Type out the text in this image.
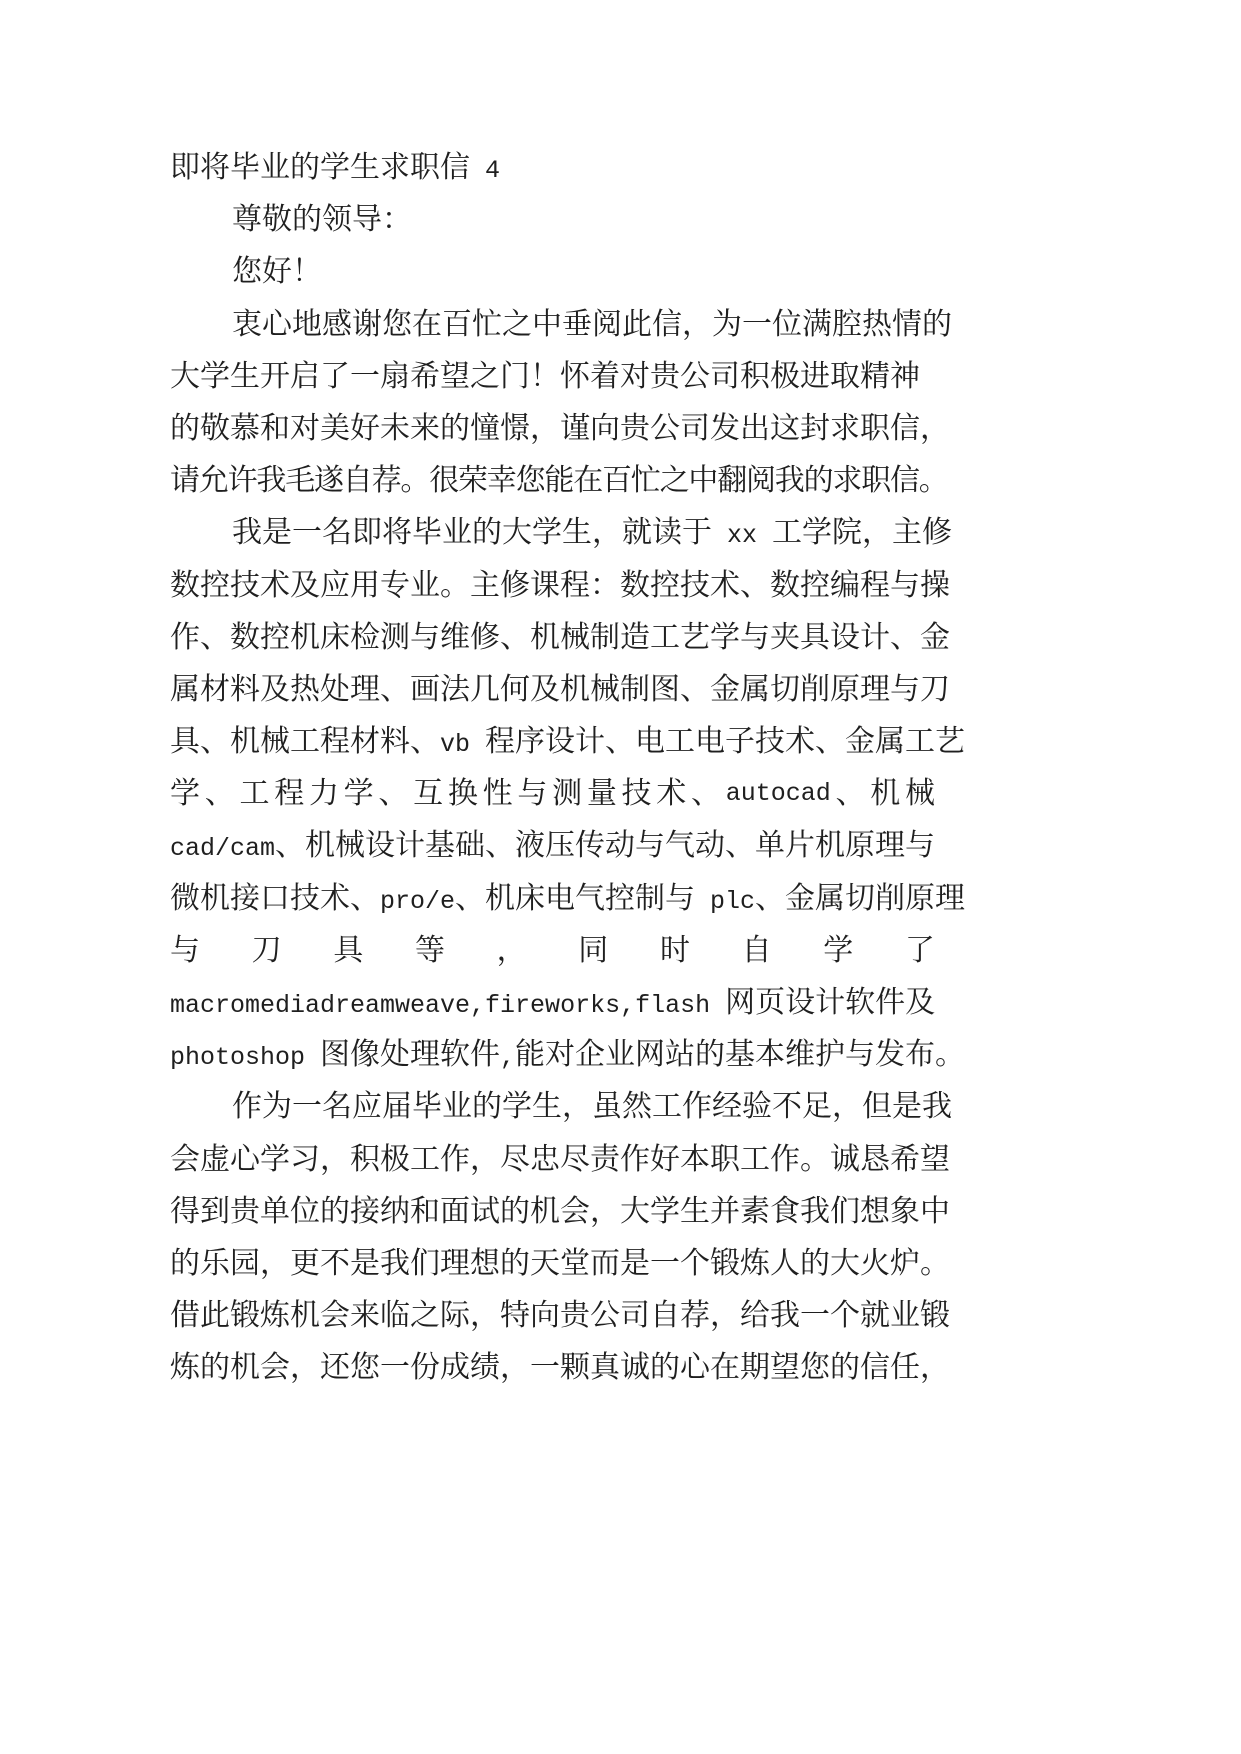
即将毕业的学生求职信 4
尊敬的领导：
您好！
衷心地感谢您在百忙之中垂阅此信，为一位满腔热情的
大学生开启了一扇希望之门！怀着对贵公司积极进取精神
的敬慕和对美好未来的憧憬，谨向贵公司发出这封求职信，
请允许我毛遂自荐。很荣幸您能在百忙之中翻阅我的求职信。
我是一名即将毕业的大学生，就读于 xx 工学院，主修
数控技术及应用专业。主修课程：数控技术、数控编程与操
作、数控机床检测与维修、机械制造工艺学与夹具设计、金
属材料及热处理、画法几何及机械制图、金属切削原理与刀
具、机械工程材料、vb 程序设计、电工电子技术、金属工艺
学 、 工 程 力 学 、 互 换 性 与 测 量 技 术 、 autocad 、 机 械
cad/cam、机械设计基础、液压传动与气动、单片机原理与
微机接口技术、pro/e、机床电气控制与 plc、金属切削原理
与 刀 具 等 ， 同 时 自 学 了
macromediadreamweave,fireworks,flash 网页设计软件及
photoshop 图像处理软件,能对企业网站的基本维护与发布。
作为一名应届毕业的学生，虽然工作经验不足，但是我
会虚心学习，积极工作，尽忠尽责作好本职工作。诚恳希望
得到贵单位的接纳和面试的机会，大学生并素食我们想象中
的乐园，更不是我们理想的天堂而是一个锻炼人的大火炉。
借此锻炼机会来临之际，特向贵公司自荐，给我一个就业锻
炼的机会，还您一份成绩，一颗真诚的心在期望您的信任，
